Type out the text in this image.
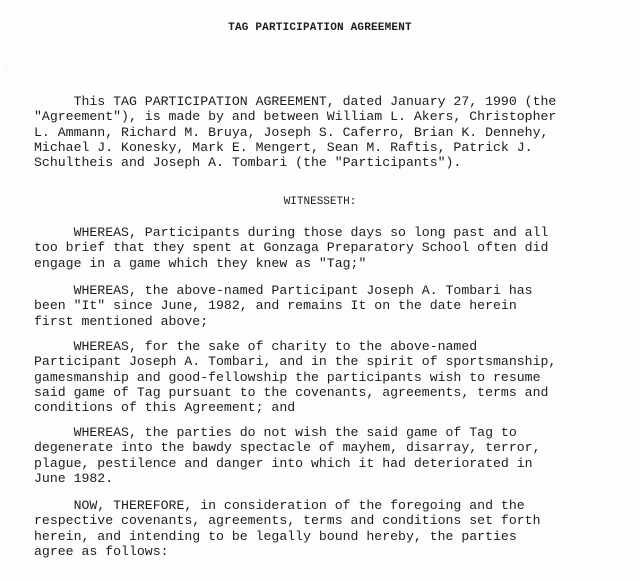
·
TAG PARTICIPATION AGREEMENT
This TAG PARTICIPATION AGREEMENT, dated January 27, 1990 (the
"Agreement"), is made by and between William L. Akers, Christopher
L. Ammann, Richard M. Bruya, Joseph S. Caferro, Brian K. Dennehy,
Michael J. Konesky, Mark E. Mengert, Sean M. Raftis, Patrick J.
Schultheis and Joseph A. Tombari (the "Participants").
WITNESSETH:
WHEREAS, Participants during those days so long past and all
too brief that they spent at Gonzaga Preparatory School often did
engage in a game which they knew as "Tag;"
WHEREAS, the above-named Participant Joseph A. Tombari has
been "It" since June, 1982, and remains It on the date herein
first mentioned above;
WHEREAS, for the sake of charity to the above-named
Participant Joseph A. Tombari, and in the spirit of sportsmanship,
gamesmanship and good-fellowship the participants wish to resume
said game of Tag pursuant to the covenants, agreements, terms and
conditions of this Agreement; and
WHEREAS, the parties do not wish the said game of Tag to
degenerate into the bawdy spectacle of mayhem, disarray, terror,
plague, pestilence and danger into which it had deteriorated in
June 1982.
NOW, THEREFORE, in consideration of the foregoing and the
respective covenants, agreements, terms and conditions set forth
herein, and intending to be legally bound hereby, the parties
agree as follows:
